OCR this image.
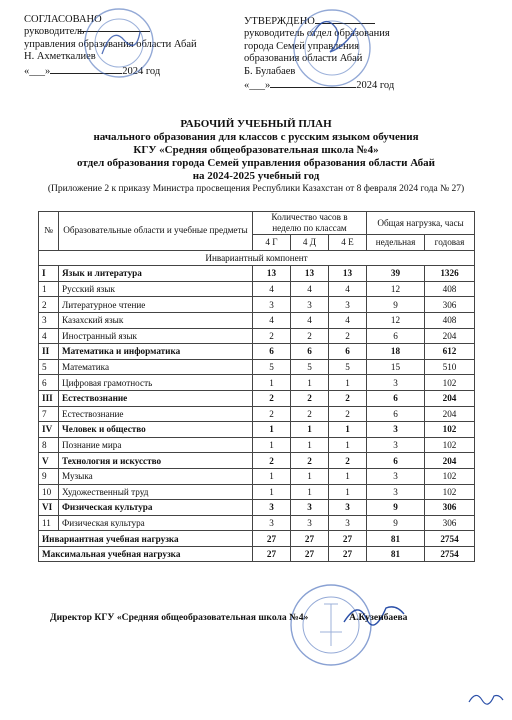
СОГЛАСОВАНО
руководитель
управления образования области Абай
Н. Ахметкалиев
«___»	2024 год
УТВЕРЖДЕНО
руководитель отдел образования
города Семей управления
образования области Абай
Б. Булабаев
«___»	2024 год
РАБОЧИЙ УЧЕБНЫЙ ПЛАН
начального образования для классов с русским языком обучения
КГУ «Средняя общеобразовательная школа №4»
отдел образования города Семей управления образования области Абай
на 2024-2025 учебный год
(Приложение 2 к приказу Министра просвещения Республики Казахстан от 8 февраля 2024 года № 27)
№	Образовательные области и учебные предметы	Количество часов в неделю по классам			Общая нагрузка, часы	
		4 Г	4 Д	4 Е	недельная	годовая
Инвариантный компонент						
I	Язык и литература	13	13	13	39	1326
1	Русский язык	4	4	4	12	408
2	Литературное чтение	3	3	3	9	306
3	Казахский язык	4	4	4	12	408
4	Иностранный язык	2	2	2	6	204
II	Математика и информатика	6	6	6	18	612
5	Математика	5	5	5	15	510
6	Цифровая грамотность	1	1	1	3	102
III	Естествознание	2	2	2	6	204
7	Естествознание	2	2	2	6	204
IV	Человек и общество	1	1	1	3	102
8	Познание мира	1	1	1	3	102
V	Технология и искусство	2	2	2	6	204
9	Музыка	1	1	1	3	102
10	Художественный труд	1	1	1	3	102
VI	Физическая культура	3	3	3	9	306
11	Физическая культура	3	3	3	9	306
Инвариантная учебная нагрузка		27	27	27	81	2754
Максимальная учебная нагрузка		27	27	27	81	2754
Директор КГУ «Средняя общеобразовательная школа №4»	А.Кузенбаева
